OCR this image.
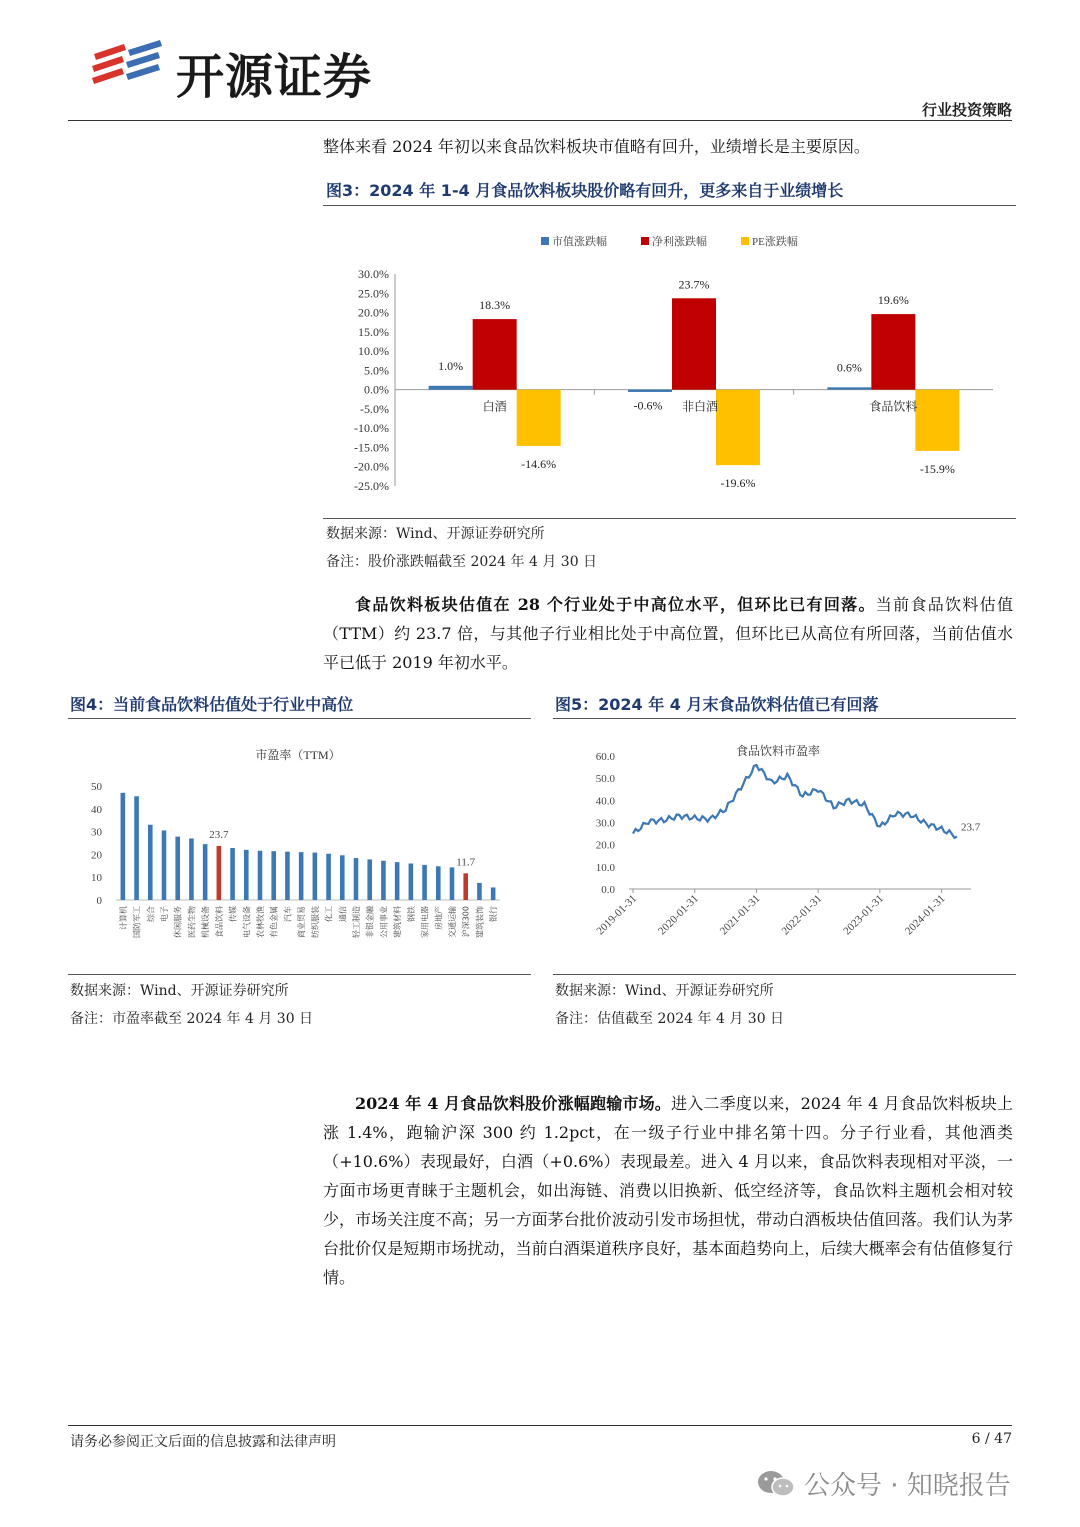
开源证券
行业投资策略
整体来看 2024 年初以来食品饮料板块市值略有回升，业绩增长是主要原因。
图3：2024 年 1-4 月食品饮料板块股价略有回升，更多来自于业绩增长
市值涨跌幅	净利涨跌幅	PE涨跌幅
30.0%
25.0%
20.0%
15.0%
10.0%
5.0%
0.0%
-5.0%
-10.0%
-15.0%
-20.0%
-25.0%
1.0%
18.3%
-14.6%
白酒	-0.6%
23.7%
-19.6%
非白酒
0.6%
19.6%
-15.9%
食品饮料
数据来源：Wind、开源证券研究所
备注：股价涨跌幅截至 2024 年 4 月 30 日
食品饮料板块估值在 28 个行业处于中高位水平，但环比已有回落。当前食品饮料估值（TTM）约 23.7 倍，与其他子行业相比处于中高位置，但环比已从高位有所回落，当前估值水平已低于 2019 年初水平。
图4：当前食品饮料估值处于行业中高位
市盈率（TTM）
50
40
30
20
10
0
计算机 国防军工 综合 电子 休闲服务 医药生物 机械设备
23.7
食品饮料 传媒 电气设备 农林牧渔 有色金属 汽车 商业贸易 纺织服装 化工 通信 轻工制造 非银金融 公用事业 建筑材料 钢铁 家用电器 房地产 交通运输
11.7
沪深300 建筑装饰 银行
数据来源：Wind、开源证券研究所
备注：市盈率截至 2024 年 4 月 30 日
图5：2024 年 4 月末食品饮料估值已有回落
食品饮料市盈率
60.0
50.0
40.0
30.0
20.0
10.0
0.0
23.7
2019-01-31 2020-01-31 2021-01-31 2022-01-31 2023-01-31 2024-01-31
数据来源：Wind、开源证券研究所
备注：估值截至 2024 年 4 月 30 日
2024 年 4 月食品饮料股价涨幅跑输市场。进入二季度以来，2024 年 4 月食品饮料板块上涨 1.4%，跑输沪深 300 约 1.2pct，在一级子行业中排名第十四。分子行业看，其他酒类（+10.6%）表现最好，白酒（+0.6%）表现最差。进入 4 月以来，食品饮料表现相对平淡，一方面市场更青睐于主题机会，如出海链、消费以旧换新、低空经济等，食品饮料主题机会相对较少，市场关注度不高；另一方面茅台批价波动引发市场担忧，带动白酒板块估值回落。我们认为茅台批价仅是短期市场扰动，当前白酒渠道秩序良好，基本面趋势向上，后续大概率会有估值修复行情。
请务必参阅正文后面的信息披露和法律声明	6 / 47
公众号 · 知晓报告
